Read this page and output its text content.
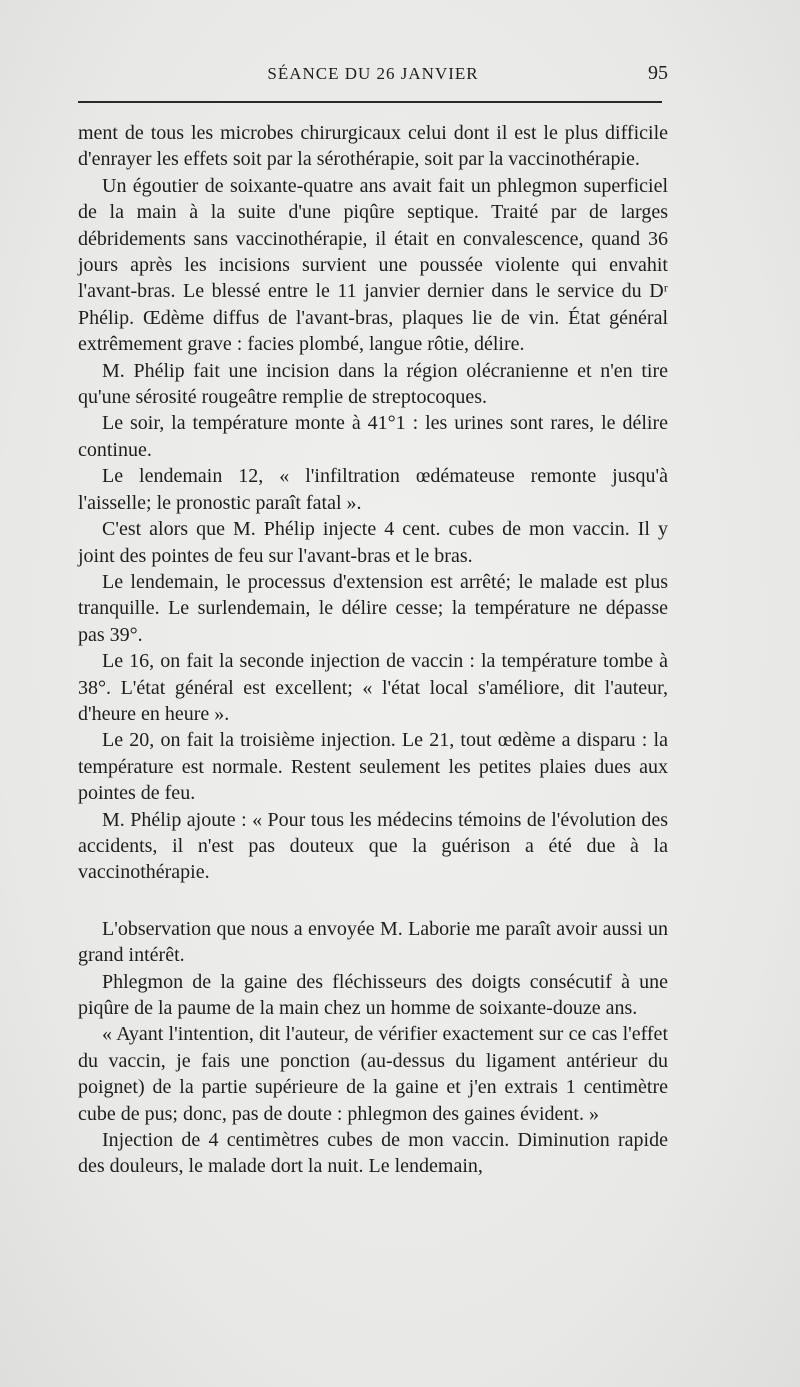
SÉANCE DU 26 JANVIER	95

ment de tous les microbes chirurgicaux celui dont il est le plus difficile d'enrayer les effets soit par la sérothérapie, soit par la vaccinothérapie.

Un égoutier de soixante-quatre ans avait fait un phlegmon superficiel de la main à la suite d'une piqûre septique. Traité par de larges débridements sans vaccinothérapie, il était en convalescence, quand 36 jours après les incisions survient une poussée violente qui envahit l'avant-bras. Le blessé entre le 11 janvier dernier dans le service du Dʳ Phélip. Œdème diffus de l'avant-bras, plaques lie de vin. État général extrêmement grave : facies plombé, langue rôtie, délire.

M. Phélip fait une incision dans la région olécranienne et n'en tire qu'une sérosité rougeâtre remplie de streptocoques.

Le soir, la température monte à 41°1 : les urines sont rares, le délire continue.

Le lendemain 12, « l'infiltration œdémateuse remonte jusqu'à l'aisselle; le pronostic paraît fatal ».

C'est alors que M. Phélip injecte 4 cent. cubes de mon vaccin. Il y joint des pointes de feu sur l'avant-bras et le bras.

Le lendemain, le processus d'extension est arrêté; le malade est plus tranquille. Le surlendemain, le délire cesse; la température ne dépasse pas 39°.

Le 16, on fait la seconde injection de vaccin : la température tombe à 38°. L'état général est excellent; « l'état local s'améliore, dit l'auteur, d'heure en heure ».

Le 20, on fait la troisième injection. Le 21, tout œdème a disparu : la température est normale. Restent seulement les petites plaies dues aux pointes de feu.

M. Phélip ajoute : « Pour tous les médecins témoins de l'évolution des accidents, il n'est pas douteux que la guérison a été due à la vaccinothérapie.

L'observation que nous a envoyée M. Laborie me paraît avoir aussi un grand intérêt.

Phlegmon de la gaine des fléchisseurs des doigts consécutif à une piqûre de la paume de la main chez un homme de soixante-douze ans.

« Ayant l'intention, dit l'auteur, de vérifier exactement sur ce cas l'effet du vaccin, je fais une ponction (au-dessus du ligament antérieur du poignet) de la partie supérieure de la gaine et j'en extrais 1 centimètre cube de pus; donc, pas de doute : phlegmon des gaines évident. »

Injection de 4 centimètres cubes de mon vaccin. Diminution rapide des douleurs, le malade dort la nuit. Le lendemain,
